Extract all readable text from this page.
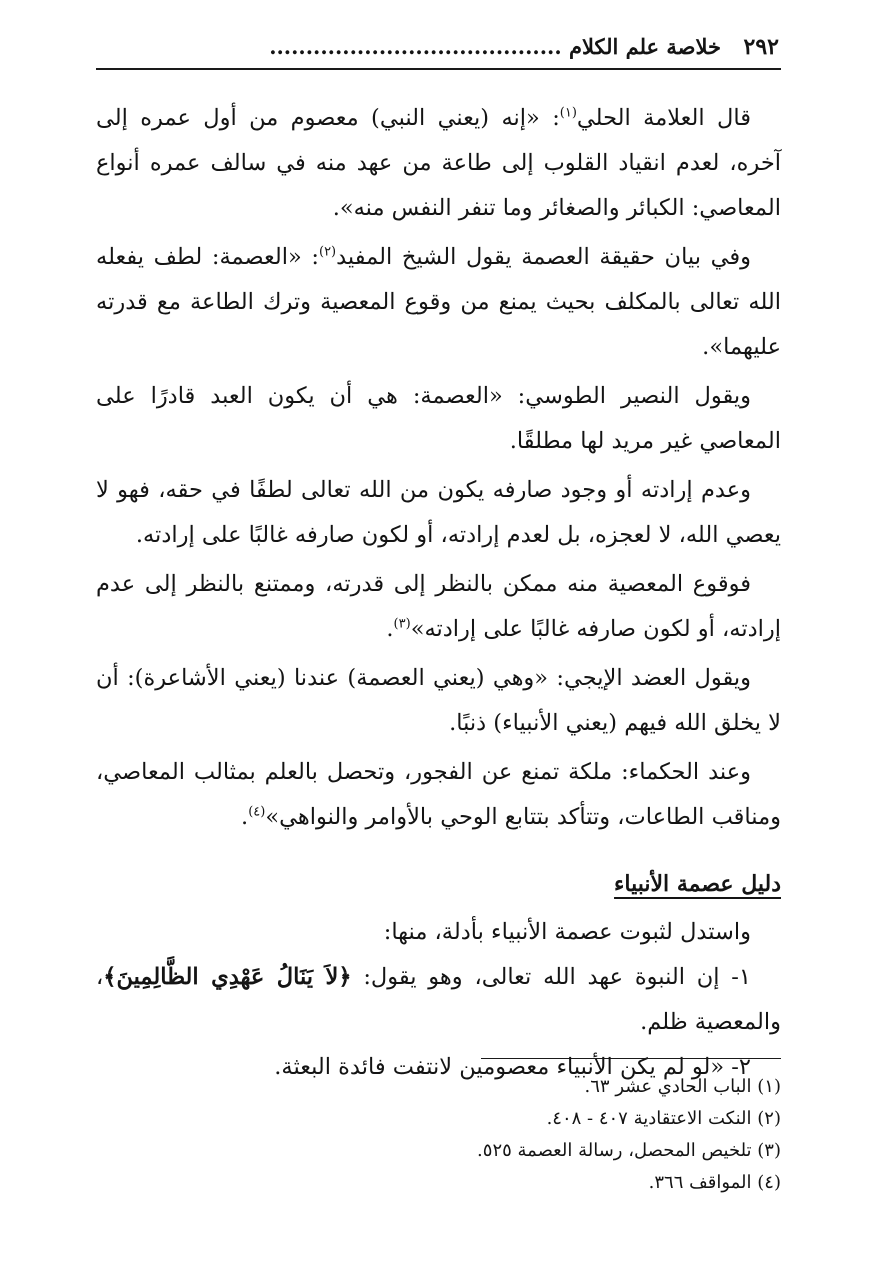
٢٩٢
خلاصة علم الكلام ........................................

قال العلامة الحلي$^{(١)}$: «إنه (يعني النبي) معصوم من أول عمره إلى آخره، لعدم انقياد القلوب إلى طاعة من عهد منه في سالف عمره أنواع المعاصي: الكبائر والصغائر وما تنفر النفس منه».

وفي بيان حقيقة العصمة يقول الشيخ المفيد$^{(٢)}$: «العصمة: لطف يفعله الله تعالى بالمكلف بحيث يمنع من وقوع المعصية وترك الطاعة مع قدرته عليهما».

ويقول النصير الطوسي: «العصمة: هي أن يكون العبد قادرًا على المعاصي غير مريد لها مطلقًا.

وعدم إرادته أو وجود صارفه يكون من الله تعالى لطفًا في حقه، فهو لا يعصي الله، لا لعجزه، بل لعدم إرادته، أو لكون صارفه غالبًا على إرادته.

فوقوع المعصية منه ممكن بالنظر إلى قدرته، وممتنع بالنظر إلى عدم إرادته، أو لكون صارفه غالبًا على إرادته»$^{(٣)}$.

ويقول العضد الإيجي: «وهي (يعني العصمة) عندنا (يعني الأشاعرة): أن لا يخلق الله فيهم (يعني الأنبياء) ذنبًا.

وعند الحكماء: ملكة تمنع عن الفجور، وتحصل بالعلم بمثالب المعاصي، ومناقب الطاعات، وتتأكد بتتابع الوحي بالأوامر والنواهي»$^{(٤)}$.

دليل عصمة الأنبياء

واستدل لثبوت عصمة الأنبياء بأدلة، منها:

١- إن النبوة عهد الله تعالى، وهو يقول: ﴿لاَ يَنَالُ عَهْدِي الظَّالِمِينَ﴾، والمعصية ظلم.

٢- «لو لم يكن الأنبياء معصومين لانتفت فائدة البعثة.

(١) الباب الحادي عشر ٦٣.

(٢) النكت الاعتقادية ٤٠٧ - ٤٠٨.

(٣) تلخيص المحصل، رسالة العصمة ٥٢٥.

(٤) المواقف ٣٦٦.
